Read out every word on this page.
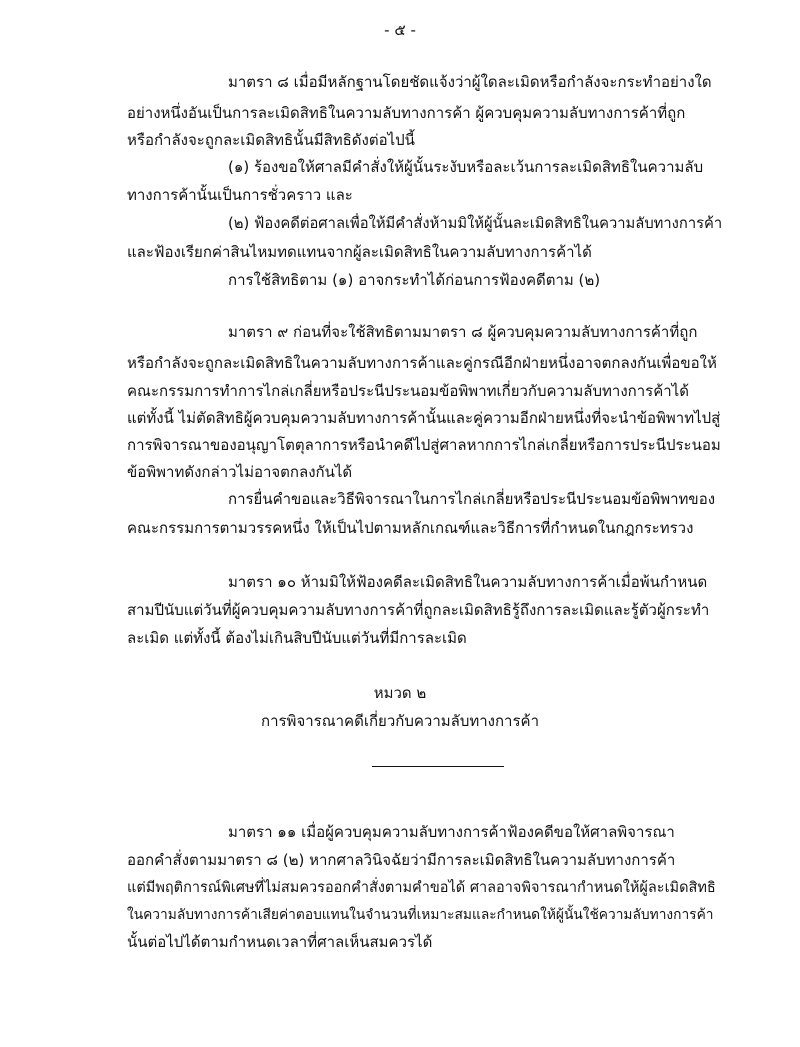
- ๕ -
มาตรา ๘ เมื่อมีหลักฐานโดยชัดแจ้งว่าผู้ใดละเมิดหรือกำลังจะกระทำอย่างใด
อย่างหนึ่งอันเป็นการละเมิดสิทธิในความลับทางการค้า ผู้ควบคุมความลับทางการค้าที่ถูก
หรือกำลังจะถูกละเมิดสิทธินั้นมีสิทธิดังต่อไปนี้
(๑) ร้องขอให้ศาลมีคำสั่งให้ผู้นั้นระงับหรือละเว้นการละเมิดสิทธิในความลับ
ทางการค้านั้นเป็นการชั่วคราว และ
(๒) ฟ้องคดีต่อศาลเพื่อให้มีคำสั่งห้ามมิให้ผู้นั้นละเมิดสิทธิในความลับทางการค้า
และฟ้องเรียกค่าสินไหมทดแทนจากผู้ละเมิดสิทธิในความลับทางการค้าได้
การใช้สิทธิตาม (๑) อาจกระทำได้ก่อนการฟ้องคดีตาม (๒)
มาตรา ๙ ก่อนที่จะใช้สิทธิตามมาตรา ๘ ผู้ควบคุมความลับทางการค้าที่ถูก
หรือกำลังจะถูกละเมิดสิทธิในความลับทางการค้าและคู่กรณีอีกฝ่ายหนึ่งอาจตกลงกันเพื่อขอให้
คณะกรรมการทำการไกล่เกลี่ยหรือประนีประนอมข้อพิพาทเกี่ยวกับความลับทางการค้าได้
แต่ทั้งนี้ ไม่ตัดสิทธิผู้ควบคุมความลับทางการค้านั้นและคู่ความอีกฝ่ายหนึ่งที่จะนำข้อพิพาทไปสู่
การพิจารณาของอนุญาโตตุลาการหรือนำคดีไปสู่ศาลหากการไกล่เกลี่ยหรือการประนีประนอม
ข้อพิพาทดังกล่าวไม่อาจตกลงกันได้
การยื่นคำขอและวิธีพิจารณาในการไกล่เกลี่ยหรือประนีประนอมข้อพิพาทของ
คณะกรรมการตามวรรคหนึ่ง ให้เป็นไปตามหลักเกณฑ์และวิธีการที่กำหนดในกฎกระทรวง
มาตรา ๑๐ ห้ามมิให้ฟ้องคดีละเมิดสิทธิในความลับทางการค้าเมื่อพ้นกำหนด
สามปีนับแต่วันที่ผู้ควบคุมความลับทางการค้าที่ถูกละเมิดสิทธิรู้ถึงการละเมิดและรู้ตัวผู้กระทำ
ละเมิด แต่ทั้งนี้ ต้องไม่เกินสิบปีนับแต่วันที่มีการละเมิด
หมวด ๒
การพิจารณาคดีเกี่ยวกับความลับทางการค้า
มาตรา ๑๑ เมื่อผู้ควบคุมความลับทางการค้าฟ้องคดีขอให้ศาลพิจารณา
ออกคำสั่งตามมาตรา ๘ (๒) หากศาลวินิจฉัยว่ามีการละเมิดสิทธิในความลับทางการค้า
แต่มีพฤติการณ์พิเศษที่ไม่สมควรออกคำสั่งตามคำขอได้ ศาลอาจพิจารณากำหนดให้ผู้ละเมิดสิทธิ
ในความลับทางการค้าเสียค่าตอบแทนในจำนวนที่เหมาะสมและกำหนดให้ผู้นั้นใช้ความลับทางการค้า
นั้นต่อไปได้ตามกำหนดเวลาที่ศาลเห็นสมควรได้
